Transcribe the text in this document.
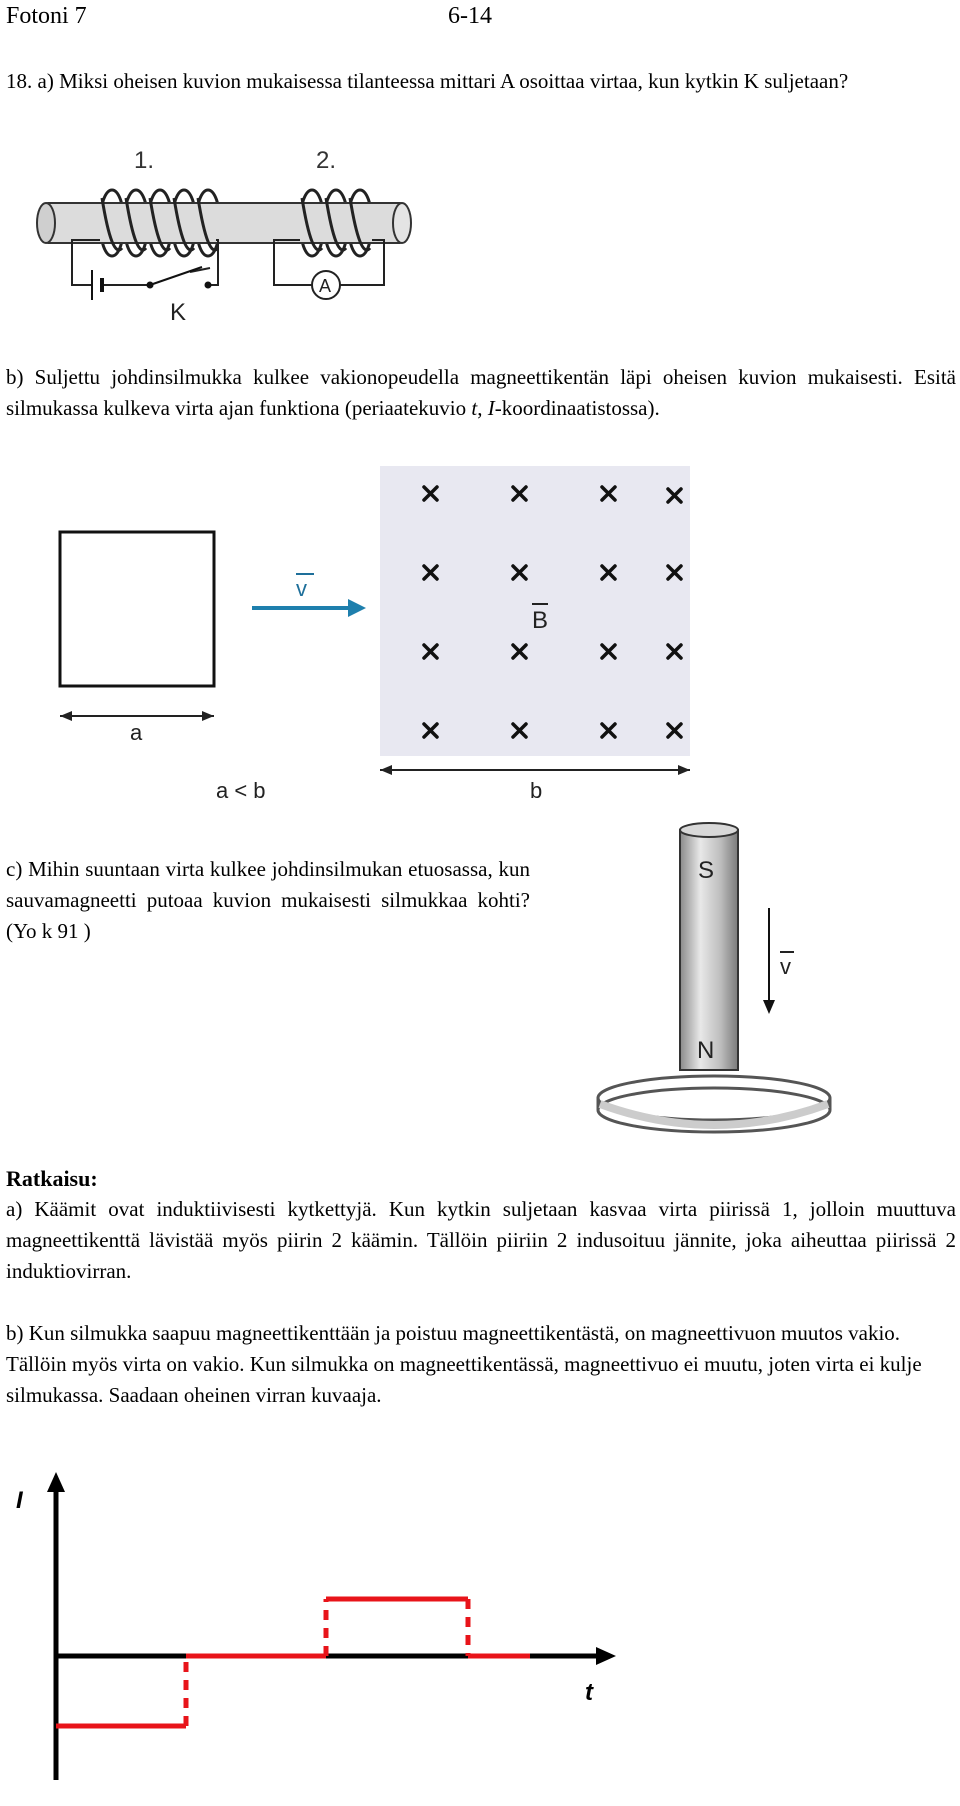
Fotoni 7	6-14
18. a) Miksi oheisen kuvion mukaisessa tilanteessa mittari A osoittaa virtaa, kun kytkin K suljetaan?
1.	2.
K
A
b) Suljettu johdinsilmukka kulkee vakionopeudella magneettikentän läpi oheisen kuvion mukaisesti. Esitä silmukassa kulkeva virta ajan funktiona (periaatekuvio t, I-koordinaatistossa).
a
v
B
b
a < b
c) Mihin suuntaan virta kulkee johdinsilmukan etuosassa, kun sauvamagneetti putoaa kuvion mukaisesti silmukkaa kohti? (Yo k 91 )
S
N
v
Ratkaisu:
a) Käämit ovat induktiivisesti kytkettyjä. Kun kytkin suljetaan kasvaa virta piirissä 1, jolloin muuttuva magneettikenttä lävistää myös piirin 2 käämin. Tällöin piiriin 2 indusoituu jännite, joka aiheuttaa piirissä 2 induktiovirran.
b) Kun silmukka saapuu magneettikenttään ja poistuu magneettikentästä, on magneettivuon muutos vakio. Tällöin myös virta on vakio. Kun silmukka on magneettikentässä, magneettivuo ei muutu, joten virta ei kulje silmukassa. Saadaan oheinen virran kuvaaja.
I
t
